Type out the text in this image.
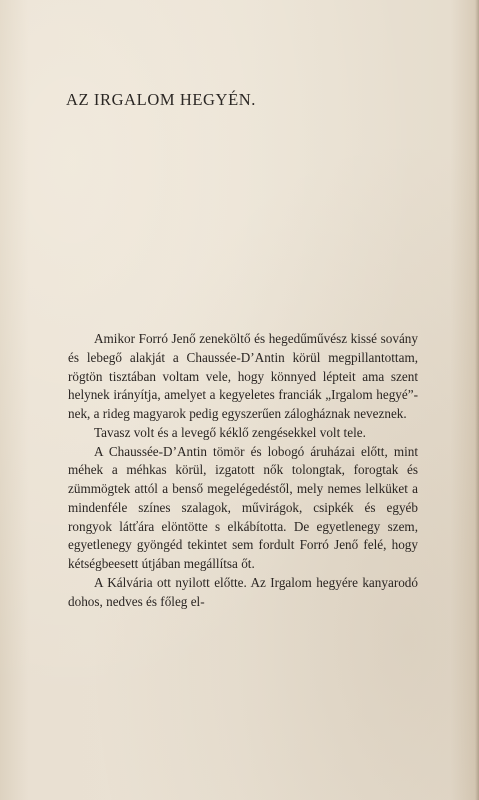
AZ IRGALOM HEGYÉN.

Amikor Forró Jenő zeneköltő és hegedűművész kissé sovány és lebegő alakját a Chaussée-D’Antin körül megpillantottam, rögtön tisztában voltam vele, hogy könnyed lépteit ama szent helynek irányítja, amelyet a kegyeletes franciák „Irgalom hegyé”-nek, a rideg magyarok pedig egyszerűen zálogháznak neveznek.

Tavasz volt és a levegő kéklő zengésekkel volt tele.

A Chaussée-D’Antin tömör és lobogó áruházai előtt, mint méhek a méhkas körül, izgatott nők tolongtak, forogtak és zümmögtek attól a benső megelégedéstől, mely nemes lelküket a mindenféle színes szalagok, művirágok, csipkék és egyéb rongyok látťára elöntötte s elkábította. De egyetlenegy szem, egyetlenegy gyöngéd tekintet sem fordult Forró Jenő felé, hogy kétségbeesett útjában megállítsa őt.

A Kálvária ott nyilott előtte. Az Irgalom hegyére kanyarodó dohos, nedves és főleg el-
